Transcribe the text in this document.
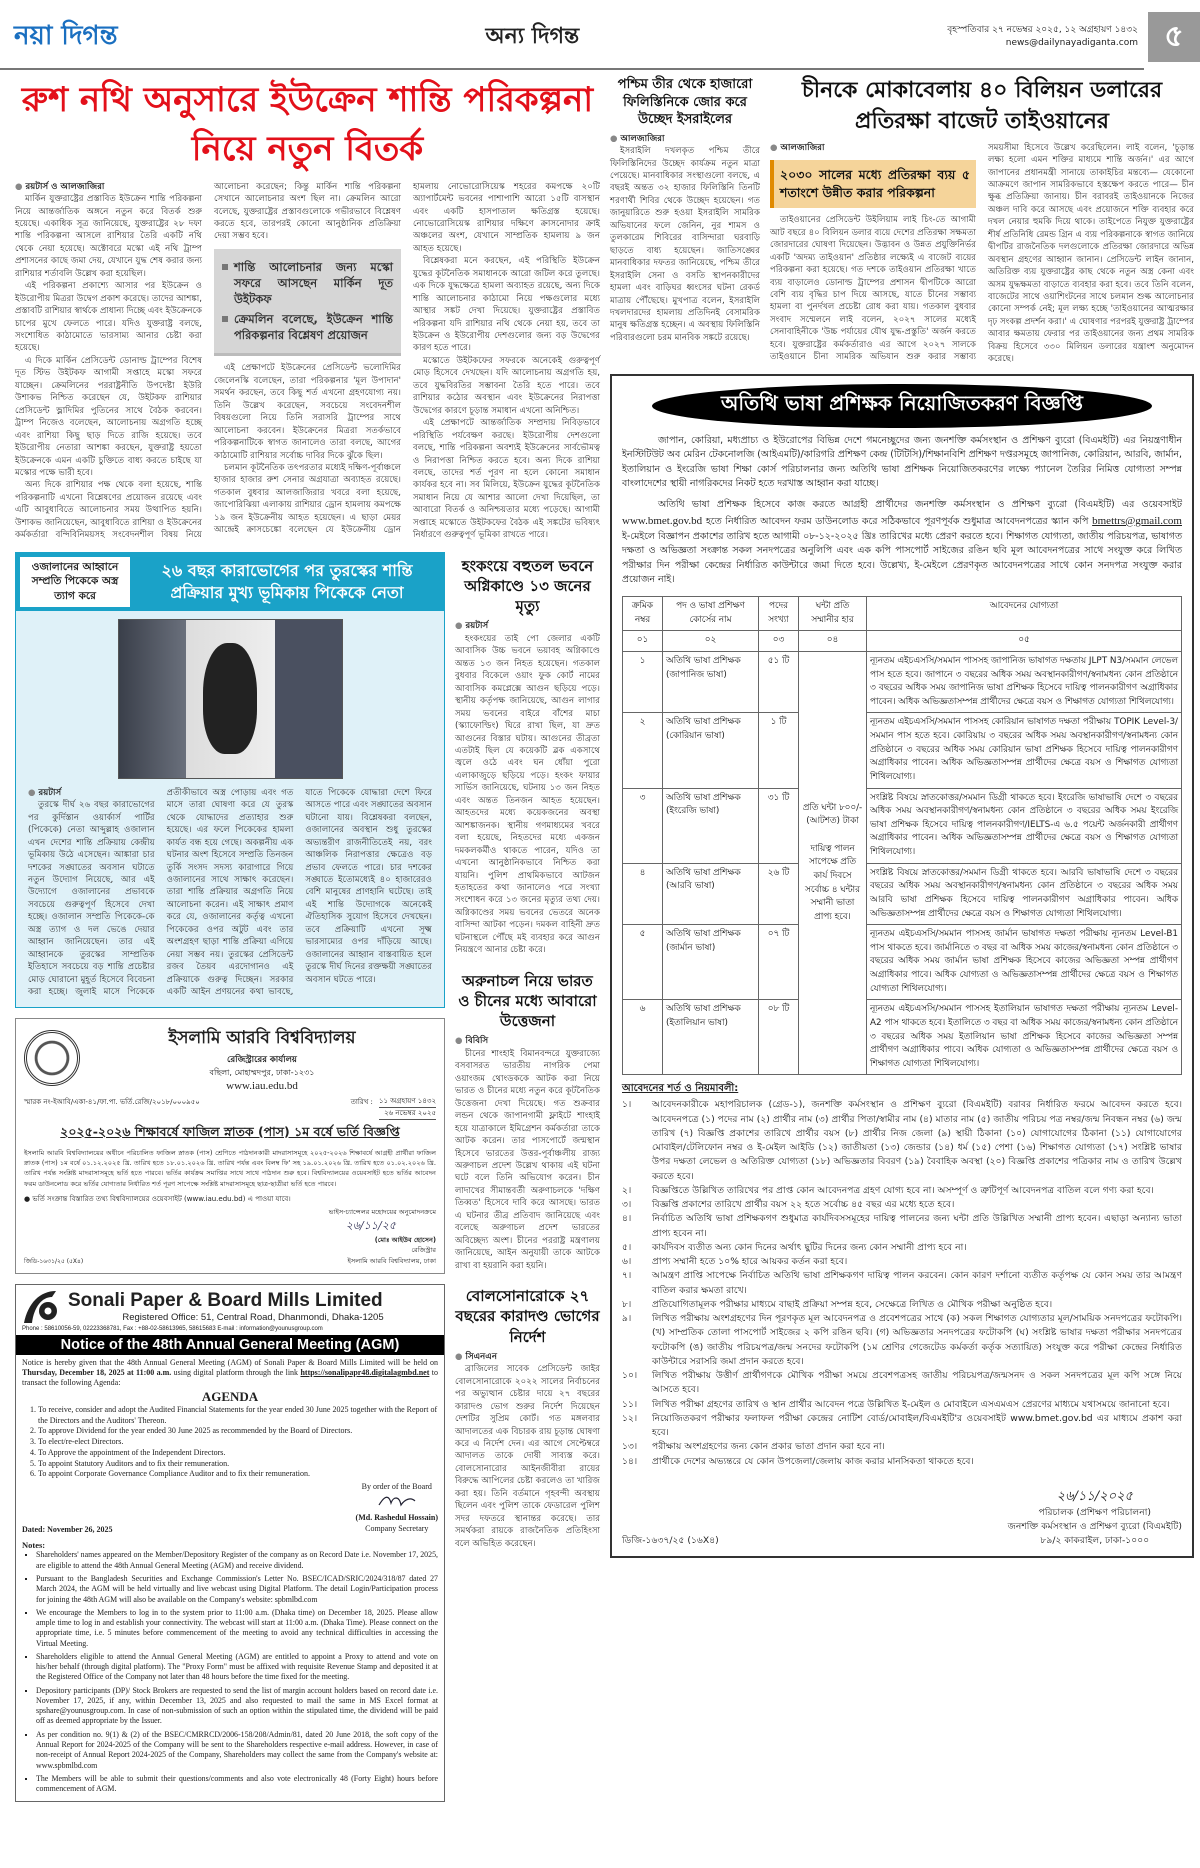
নয়া দিগন্ত	অন্য দিগন্ত	বৃহস্পতিবার ২৭ নভেম্বর ২০২৫, ১২ অগ্রহায়ণ ১৪৩২
news@dailynayadiganta.com ৫
রুশ নথি অনুসারে ইউক্রেন শান্তি পরিকল্পনা নিয়ে নতুন বিতর্ক
● রয়টার্স ও আলজাজিরা

মার্কিন যুক্তরাষ্ট্রের প্রস্তাবিত ইউক্রেন শান্তি পরিকল্পনা নিয়ে আন্তর্জাতিক অঙ্গনে নতুন করে বিতর্ক শুরু হয়েছে। একাধিক সূত্র জানিয়েছে, যুক্তরাষ্ট্রের ২৮ দফা শান্তি পরিকল্পনা আসলে রাশিয়ার তৈরি একটি নথি থেকে নেয়া হয়েছে। অক্টোবরে মস্কো এই নথি ট্রাম্প প্রশাসনের কাছে জমা দেয়, যেখানে যুদ্ধ শেষ করার জন্য রাশিয়ার শর্তাবলি উল্লেখ করা হয়েছিল।

এই পরিকল্পনা প্রকাশ্যে আসার পর ইউক্রেন ও ইউরোপীয় মিত্ররা উদ্বেগ প্রকাশ করেছে। তাদের আশঙ্কা, প্রস্তাবটি রাশিয়ার স্বার্থকে প্রাধান্য দিচ্ছে এবং ইউক্রেনকে চাপের মুখে ফেলতে পারে। যদিও যুক্তরাষ্ট্র বলছে, সংশোধিত কাঠামোতে ভারসাম্য আনার চেষ্টা করা হয়েছে।

এ দিকে মার্কিন প্রেসিডেন্ট ডোনাল্ড ট্রাম্পের বিশেষ দূত স্টিভ উইটকফ আগামী সপ্তাহে মস্কো সফরে যাচ্ছেন। ক্রেমলিনের পররাষ্ট্রনীতি উপদেষ্টা ইউরি উশাকভ নিশ্চিত করেছেন যে, উইটকফ রাশিয়ার প্রেসিডেন্ট ভ্লাদিমির পুতিনের সাথে বৈঠক করবেন। ট্রাম্প নিজেও বলেছেন, আলোচনায় অগ্রগতি হচ্ছে এবং রাশিয়া কিছু ছাড় দিতে রাজি হয়েছে। তবে ইউরোপীয় নেতারা আশঙ্কা করছেন, যুক্তরাষ্ট্র হয়তো ইউক্রেনকে এমন একটি চুক্তিতে বাধ্য করতে চাইছে যা মস্কোর পক্ষে ভারী হবে।

অন্য দিকে রাশিয়ার পক্ষ থেকে বলা হয়েছে, শান্তি পরিকল্পনাটি এখনো বিশ্লেষণের প্রয়োজন রয়েছে এবং এটি আবুধাবিতে আলোচনার সময় উত্থাপিত হয়নি। উশাকভ জানিয়েছেন, আবুধাবিতে রাশিয়া ও ইউক্রেনের কর্মকর্তারা বন্দিবিনিময়সহ সংবেদনশীল বিষয় নিয়ে আলোচনা করেছেন; কিন্তু মার্কিন শান্তি পরিকল্পনা সেখানে আলোচনার অংশ ছিল না। ক্রেমলিন আরো বলেছে, যুক্তরাষ্ট্রের প্রস্তাবগুলোকে গভীরভাবে বিশ্লেষণ করতে হবে, তারপরই কোনো আনুষ্ঠানিক প্রতিক্রিয়া দেয়া সম্ভব হবে।

শান্তি আলোচনার জন্য মস্কো সফরে আসছেন মার্কিন দূত উইটকফ
ক্রেমলিন বলেছে, ইউক্রেন শান্তি পরিকল্পনার বিশ্লেষণ প্রয়োজন

এই প্রেক্ষাপটে ইউক্রেনের প্রেসিডেন্ট ভলোদিমির জেলেনস্কি বলেছেন, তারা পরিকল্পনার 'মূল উপাদান' সমর্থন করছেন, তবে কিছু শর্ত এখনো গ্রহণযোগ্য নয়। তিনি উল্লেখ করেছেন, সবচেয়ে সংবেদনশীল বিষয়গুলো নিয়ে তিনি সরাসরি ট্রাম্পের সাথে আলোচনা করবেন। ইউক্রেনের মিত্ররা সতর্কভাবে পরিকল্পনাটিকে স্বাগত জানালেও তারা বলছে, আগের কাঠামোটি রাশিয়ার সর্বোচ্চ দাবির দিকে ঝুঁকে ছিল।

চলমান কূটনৈতিক তৎপরতার মধ্যেই দক্ষিণ-পূর্বাঞ্চলে হাজার হাজার রুশ সেনার অগ্রযাত্রা অব্যাহত রয়েছে। গতকাল বুধবার আলজাজিরার খবরে বলা হয়েছে, জাপোরিঝিয়া এলাকায় রাশিয়ার ড্রোন হামলায় কমপক্ষে ১৯ জন ইউক্রেনীয় আহত হয়েছেন। এ ছাড়া মেয়র আন্দ্রেই ক্রাসচেঙ্কো বলেছেন যে ইউক্রেনীয় ড্রোন হামলায় নোভোরোসিয়েস্ক শহরের কমপক্ষে ২০টি অ্যাপার্টমেন্ট ভবনের পাশাপাশি আরো ১৫টি বাসস্থান এবং একটি হাসপাতাল ক্ষতিগ্রস্ত হয়েছে। নোভোরোসিয়েস্ক রাশিয়ার দক্ষিণে ক্রাসনোদার ক্রাই অঞ্চলের অংশ, যেখানে সাম্প্রতিক হামলায় ৯ জন আহত হয়েছে।

বিশ্লেষকরা মনে করছেন, এই পরিস্থিতি ইউক্রেন যুদ্ধের কূটনৈতিক সমাধানকে আরো জটিল করে তুলছে। এক দিকে যুদ্ধক্ষেত্রে হামলা অব্যাহত রয়েছে, অন্য দিকে শান্তি আলোচনার কাঠামো নিয়ে পক্ষগুলোর মধ্যে আস্থার সঙ্কট দেখা দিয়েছে। যুক্তরাষ্ট্রের প্রস্তাবিত পরিকল্পনা যদি রাশিয়ার নথি থেকে নেয়া হয়, তবে তা ইউক্রেন ও ইউরোপীয় দেশগুলোর জন্য বড় উদ্বেগের কারণ হতে পারে।

মস্কোতে উইটকফের সফরকে অনেকেই গুরুত্বপূর্ণ মোড় হিসেবে দেখছেন। যদি আলোচনায় অগ্রগতি হয়, তবে যুদ্ধবিরতির সম্ভাবনা তৈরি হতে পারে। তবে রাশিয়ার কঠোর অবস্থান এবং ইউক্রেনের নিরাপত্তা উদ্বেগের কারণে চূড়ান্ত সমাধান এখনো অনিশ্চিত।

এই প্রেক্ষাপটে আন্তর্জাতিক সম্প্রদায় নিবিড়ভাবে পরিস্থিতি পর্যবেক্ষণ করছে। ইউরোপীয় দেশগুলো বলছে, শান্তি পরিকল্পনা অবশ্যই ইউক্রেনের সার্বভৌমত্ব ও নিরাপত্তা নিশ্চিত করতে হবে। অন্য দিকে রাশিয়া বলছে, তাদের শর্ত পূরণ না হলে কোনো সমাধান কার্যকর হবে না। সব মিলিয়ে, ইউক্রেন যুদ্ধের কূটনৈতিক সমাধান নিয়ে যে আশার আলো দেখা দিয়েছিল, তা আবারো বিতর্ক ও অনিশ্চয়তার মধ্যে পড়েছে। আগামী সপ্তাহে মস্কোতে উইটকফের বৈঠক এই সঙ্কটের ভবিষ্যৎ নির্ধারণে গুরুত্বপূর্ণ ভূমিকা রাখতে পারে।

ওজালানের আহ্বানে সম্প্রতি পিকেকে অস্ত্র ত্যাগ করে
২৬ বছর কারাভোগের পর তুরস্কের শান্তি প্রক্রিয়ার মুখ্য ভূমিকায় পিকেকে নেতা
● রয়টার্স

তুরস্কে দীর্ঘ ২৬ বছর কারাভোগের পর কুর্দিস্তান ওয়ার্কার্স পার্টির (পিকেকে) নেতা আব্দুল্লাহ ওজালান এখন দেশের শান্তি প্রক্রিয়ায় কেন্দ্রীয় ভূমিকায় উঠে এসেছেন। আঙ্কারা চার দশকের সঙ্ঘাতের অবসান ঘটাতে নতুন উদ্যোগ নিয়েছে, আর এই উদ্যোগে ওজালানের প্রভাবকে সবচেয়ে গুরুত্বপূর্ণ হিসেবে দেখা হচ্ছে। ওজালান সম্প্রতি পিকেকে-কে অস্ত্র ত্যাগ ও দল ভেঙে দেয়ার আহ্বান জানিয়েছেন। তার এই আহ্বানকে তুরস্কের সাম্প্রতিক ইতিহাসে সবচেয়ে বড় শান্তি প্রচেষ্টার মোড় ঘোরানো মুহূর্ত হিসেবে বিবেচনা করা হচ্ছে। জুলাই মাসে পিকেকে প্রতীকীভাবে অস্ত্র পোড়ায় এবং গত মাসে তারা ঘোষণা করে যে তুরস্ক থেকে যোদ্ধাদের প্রত্যাহার শুরু হয়েছে। এর ফলে পিকেকের হামলা কার্যত বন্ধ হয়ে গেছে। অকল্পনীয় এক ঘটনার অংশ হিসেবে সম্প্রতি তিনজন তুর্কি সংসদ সদস্য কারাগারে গিয়ে ওজালানের সাথে সাক্ষাৎ করেছেন। তারা শান্তি প্রক্রিয়ার অগ্রগতি নিয়ে আলোচনা করেন। এই সাক্ষাৎ প্রমাণ করে যে, ওজালানের কর্তৃত্ব এখনো পিকেকের ওপর অটুট এবং তার অংশগ্রহণ ছাড়া শান্তি প্রক্রিয়া এগিয়ে নেয়া সম্ভব নয়। তুরস্কের প্রেসিডেন্ট রজব তৈয়ব এরদোগানও এই প্রক্রিয়াকে গুরুত্ব দিচ্ছেন। সরকার একটি আইন প্রণয়নের কথা ভাবছে, যাতে পিকেকে যোদ্ধারা দেশে ফিরে আসতে পারে এবং সঙ্ঘাতের অবসান ঘটানো যায়। বিশ্লেষকরা বলছেন, ওজালানের অবস্থান শুধু তুরস্কের অভ্যন্তরীণ রাজনীতিতেই নয়, বরং আঞ্চলিক নিরাপত্তার ক্ষেত্রেও বড় প্রভাব ফেলতে পারে। চার দশকের সঙ্ঘাতে ইতোমধ্যেই ৪০ হাজারেরও বেশি মানুষের প্রাণহানি ঘটেছে। তাই এই শান্তি উদ্যোগকে অনেকেই ঐতিহাসিক সুযোগ হিসেবে দেখছেন। তবে প্রক্রিয়াটি এখনো সূক্ষ্ম ভারসাম্যের ওপর দাঁড়িয়ে আছে। ওজালানের আহ্বান বাস্তবায়িত হলে তুরস্কে দীর্ঘ দিনের রক্তক্ষয়ী সঙ্ঘাতের অবসান ঘটতে পারে।

ইসলামি আরবি বিশ্ববিদ্যালয়
রেজিস্ট্রারের কার্যালয়
বছিলা, মোহাম্মদপুর, ঢাকা-১২৩১
www.iau.edu.bd
স্মারক নং-ইআবি/একা-৪১/ফা.পা. ভর্তি.রেজি/২০১৮/০০০৯৫০	তারিখ : ১১ অগ্রহায়ণ ১৪৩২
২৬ নভেম্বর ২০২৫
২০২৫-২০২৬ শিক্ষাবর্ষে ফাজিল স্নাতক (পাস) ১ম বর্ষে ভর্তি বিজ্ঞপ্তি
ইসলামি আরবি বিশ্ববিদ্যালয়ের অধীনে পরিচালিত ফাজিল স্নাতক (পাস) শ্রেণিতে পাঠদানকারী মাদরাসাসমূহে ২০২৫-২০২৬ শিক্ষাবর্ষে আগ্রহী প্রার্থীরা ফাজিল স্নাতক (পাস) ১ম বর্ষে ০১.১২.২০২৫ খ্রি. তারিখ হতে ১৮.০১.২০২৬ খ্রি. তারিখ পর্যন্ত এবং বিলম্ব ফি' সহ ১৯.০১.২০২৬ খ্রি. তারিখ হতে ০১.০২.২০২৬ খ্রি. তারিখ পর্যন্ত সংশ্লিষ্ট মাদরাসাসমূহে ভর্তি হতে পারবে। ভর্তির কার্যক্রম সমাপ্তির সাথে সাথে পাঠদান শুরু হবে। বিশ্ববিদ্যালয়ের ওয়েবসাইট হতে ভর্তির আবেদন ফরম ডাউনলোড করে ভর্তির যোগ্যতার নির্ধারিত শর্ত পূরণ সাপেক্ষে সংশ্লিষ্ট মাদরাসাসমূহে ছাত্র-ছাত্রীরা ভর্তি হতে পারবে।
● ভর্তি সংক্রান্ত বিস্তারিত তথ্য বিশ্ববিদ্যালয়ের ওয়েবসাইট (www.iau.edu.bd) এ পাওয়া যাবে।
জিডি-১৬৩১/২৫ (৫X৪)
ভাইস-চ্যান্সেলর মহোদয়ের অনুমোদনক্রমে
২৬/১১/২৫
(মোঃ আইউব হোসেন)
রেজিস্ট্রার
ইসলামি আরবি বিশ্ববিদ্যালয়, ঢাকা
Sonali Paper & Board Mills Limited
Registered Office: 51, Central Road, Dhanmondi, Dhaka-1205
Phone : 58610056-59, 02223368781, Fax : +88-02-58613965, 58615683 E-mail : information@younusgroup.com
Notice of the 48th Annual General Meeting (AGM)
Notice is hereby given that the 48th Annual General Meeting (AGM) of Sonali Paper & Board Mills Limited will be held on Thursday, December 18, 2025 at 11:00 a.m. using digital platform through the link https://sonalipapr48.digitalagmbd.net to transact the following Agenda:
AGENDA
1. To receive, consider and adopt the Audited Financial Statements for the year ended 30 June 2025 together with the Report of the Directors and the Auditors' Thereon.
2. To approve Dividend for the year ended 30 June 2025 as recommended by the Board of Directors.
3. To elect/re-elect Directors.
4. To Approve the appointment of the Independent Directors.
5. To appoint Statutory Auditors and to fix their remuneration.
6. To appoint Corporate Governance Compliance Auditor and to fix their remuneration.
Dated: November 26, 2025
By order of the Board
(Md. Rashedul Hossain)
Company Secretary
Notes:
▪ Shareholders' names appeared on the Member/Depository Register of the company as on Record Date i.e. November 17, 2025, are eligible to attend the 48th Annual General Meeting (AGM) and receive dividend.
▪ Pursuant to the Bangladesh Securities and Exchange Commission's Letter No. BSEC/ICAD/SRIC/2024/318/87 dated 27 March 2024, the AGM will be held virtually and live webcast using Digital Platform. The detail Login/Participation process for joining the 48th AGM will also be available on the Company's website: spbmlbd.com
▪ We encourage the Members to log in to the system prior to 11:00 a.m. (Dhaka time) on December 18, 2025. Please allow ample time to log in and establish your connectivity. The webcast will start at 11:00 a.m. (Dhaka Time). Please connect on the appropriate time, i.e. 5 minutes before commencement of the meeting to avoid any technical difficulties in accessing the Virtual Meeting.
▪ Shareholders eligible to attend the Annual General Meeting (AGM) are entitled to appoint a Proxy to attend and vote on his/her behalf (through digital platform). The "Proxy Form" must be affixed with requisite Revenue Stamp and deposited it at the Registered Office of the Company not later than 48 hours before the time fixed for the meeting.
▪ Depository participants (DP)/ Stock Brokers are requested to send the list of margin account holders based on record date i.e. November 17, 2025, if any, within December 13, 2025 and also requested to mail the same in MS Excel format at spshare@younusgroup.com. In case of non-submission of such an option within the stipulated time, the dividend will be paid off as deemed appropriate by the Issuer.
▪ As per condition no. 9(1) & (2) of the BSEC/CMRRCD/2006-158/208/Admin/81, dated 20 June 2018, the soft copy of the Annual Report for 2024-2025 of the Company will be sent to the Shareholders respective e-mail address. However, in case of non-receipt of Annual Report 2024-2025 of the Company, Shareholders may collect the same from the Company's website at: www.spbmlbd.com
▪ The Members will be able to submit their questions/comments and also vote electronically 48 (Forty Eight) hours before commencement of AGM.
হংকংয়ে বহুতল ভবনে অগ্নিকাণ্ডে ১৩ জনের মৃত্যু
● রয়টার্স

হংকংয়ের তাই পো জেলার একটি আবাসিক উচ্চ ভবনে ভয়াবহ অগ্নিকাণ্ডে অন্তত ১৩ জন নিহত হয়েছেন। গতকাল বুধবার বিকেলে ওয়াং ফুক কোর্ট নামের আবাসিক কমপ্লেক্সে আগুন ছড়িয়ে পড়ে। স্থানীয় কর্তৃপক্ষ জানিয়েছে, আগুন লাগার সময় ভবনের বাইরে বাঁশের মাচা (স্ক্যাফোল্ডিং) ঘিরে রাখা ছিল, যা দ্রুত আগুনের বিস্তার ঘটায়। আগুনের তীব্রতা এতটাই ছিল যে কয়েকটি ব্লক একসাথে জ্বলে ওঠে এবং ঘন ধোঁয়া পুরো এলাকাজুড়ে ছড়িয়ে পড়ে। হংকং ফায়ার সার্ভিস জানিয়েছে, ঘটনায় ১৩ জন নিহত এবং অন্তত তিনজন আহত হয়েছেন। আহতদের মধ্যে কয়েকজনের অবস্থা আশঙ্কাজনক। স্থানীয় গণমাধ্যমের খবরে বলা হয়েছে, নিহতদের মধ্যে একজন দমকলকর্মীও থাকতে পারেন, যদিও তা এখনো আনুষ্ঠানিকভাবে নিশ্চিত করা যায়নি। পুলিশ প্রাথমিকভাবে আটজন হতাহতের কথা জানালেও পরে সংখ্যা সংশোধন করে ১৩ জনের মৃত্যুর তথ্য দেয়। অগ্নিকাণ্ডের সময় ভবনের ভেতরে অনেক বাসিন্দা আটকা পড়েন। দমকল বাহিনী দ্রুত ঘটনাস্থলে পৌঁছে মই ব্যবহার করে আগুন নিয়ন্ত্রণে আনার চেষ্টা করে।

অরুনাচল নিয়ে ভারত ও চীনের মধ্যে আবারো উত্তেজনা
● বিবিসি

চীনের শাংহাই বিমানবন্দরে যুক্তরাজ্যে বসবাসরত ভারতীয় নাগরিক পেমা ওয়াংজম থোংডককে আটক করা নিয়ে ভারত ও চীনের মধ্যে নতুন করে কূটনৈতিক উত্তেজনা দেখা দিয়েছে। গত শুক্রবার লন্ডন থেকে জাপানগামী ফ্লাইটে শাংহাই হয়ে যাত্রাকালে ইমিগ্রেশন কর্মকর্তারা তাকে আটক করেন। তার পাসপোর্টে জন্মস্থান হিসেবে ভারতের উত্তর-পূর্বাঞ্চলীয় রাজ্য অরুণাচল প্রদেশ উল্লেখ থাকায় এই ঘটনা ঘটে বলে তিনি অভিযোগ করেন। চীন লাদাখের সীমান্তবর্তী অরুণাচলকে 'দক্ষিণ তিব্বত' হিসেবে দাবি করে আসছে। ভারত এ ঘটনার তীব্র প্রতিবাদ জানিয়েছে এবং বলেছে অরুণাচল প্রদেশ ভারতের অবিচ্ছেদ্য অংশ। চীনের পররাষ্ট্র মন্ত্রণালয় জানিয়েছে, আইন অনুযায়ী তাকে আটকে রাখা বা হয়রানি করা হয়নি।

বোলসোনারোকে ২৭ বছরের কারাদণ্ড ভোগের নির্দেশ
● সিএনএন

ব্রাজিলের সাবেক প্রেসিডেন্ট জাইর বোলসোনারোকে ২০২২ সালের নির্বাচনের পর অভ্যুত্থান চেষ্টার দায়ে ২৭ বছরের কারাদণ্ড ভোগ শুরুর নির্দেশ দিয়েছেন দেশটির সুপ্রিম কোর্ট। গত মঙ্গলবার আদালতের এক বিচারক রায় চূড়ান্ত ঘোষণা করে এ নির্দেশ দেন। এর আগে সেপ্টেম্বরে আদালত তাকে দোষী সাব্যস্ত করে। বোলসোনারোর আইনজীবীরা রায়ের বিরুদ্ধে আপিলের চেষ্টা করলেও তা খারিজ করা হয়। তিনি বর্তমানে গৃহবন্দী অবস্থায় ছিলেন এবং পুলিশ তাকে ফেডারেল পুলিশ সদর দফতরে স্থানান্তর করেছে। তার সমর্থকরা রায়কে রাজনৈতিক প্রতিহিংসা বলে অভিহিত করেছেন।

পশ্চিম তীর থেকে হাজারো ফিলিস্তিনিকে জোর করে উচ্ছেদ ইসরাইলের
● আলজাজিরা

ইসরাইলি দখলকৃত পশ্চিম তীরে ফিলিস্তিনিদের উচ্ছেদ কার্যক্রম নতুন মাত্রা পেয়েছে। মানবাধিকার সংস্থাগুলো বলছে, এ বছরই অন্তত ৩২ হাজার ফিলিস্তিনি তিনটি শরণার্থী শিবির থেকে উচ্ছেদ হয়েছেন। গত জানুয়ারিতে শুরু হওয়া ইসরাইলি সামরিক অভিযানের ফলে জেনিন, নুর শামস ও তুলকারেম শিবিরের বাসিন্দারা ঘরবাড়ি ছাড়তে বাধ্য হয়েছেন। জাতিসঙ্ঘের মানবাধিকার দফতর জানিয়েছে, পশ্চিম তীরে ইসরাইলি সেনা ও বসতি স্থাপনকারীদের হামলা এবং বাড়িঘর ধ্বংসের ঘটনা রেকর্ড মাত্রায় পৌঁছেছে। মুখপাত্র বলেন, ইসরাইলি দখলদারদের হামলায় প্রতিদিনই বেসামরিক মানুষ ক্ষতিগ্রস্ত হচ্ছেন। এ অবস্থায় ফিলিস্তিনি পরিবারগুলো চরম মানবিক সঙ্কটে রয়েছে।

চীনকে মোকাবেলায় ৪০ বিলিয়ন ডলারের প্রতিরক্ষা বাজেট তাইওয়ানের
● আলজাজিরা
২০৩০ সালের মধ্যে প্রতিরক্ষা ব্যয় ৫ শতাংশে উন্নীত করার পরিকল্পনা

তাইওয়ানের প্রেসিডেন্ট উইলিয়াম লাই চিং-তে আগামী আট বছরে ৪০ বিলিয়ন ডলার ব্যয়ে দেশের প্রতিরক্ষা সক্ষমতা জোরদারের ঘোষণা দিয়েছেন। উদ্ভাবন ও উন্নত প্রযুক্তিনির্ভর একটি 'অদম্য তাইওয়ান' প্রতিষ্ঠার লক্ষ্যেই এ বাজেট ব্যয়ের পরিকল্পনা করা হয়েছে। গত দশকে তাইওয়ান প্রতিরক্ষা খাতে ব্যয় বাড়ালেও ডোনাল্ড ট্রাম্পের প্রশাসন দ্বীপটিকে আরো বেশি ব্যয় বৃদ্ধির চাপ দিয়ে আসছে, যাতে চীনের সম্ভাব্য হামলা বা পুনর্দখল প্রচেষ্টা রোধ করা যায়। গতকাল বুধবার সংবাদ সম্মেলনে লাই বলেন, ২০২৭ সালের মধ্যেই সেনাবাহিনীকে 'উচ্চ পর্যায়ের যৌথ যুদ্ধ-প্রস্তুতি' অর্জন করতে হবে। যুক্তরাষ্ট্রের কর্মকর্তারাও এর আগে ২০২৭ সালকে তাইওয়ানে চীনা সামরিক অভিযান শুরু করার সম্ভাব্য সময়সীমা হিসেবে উল্লেখ করেছিলেন। লাই বলেন, 'চূড়ান্ত লক্ষ্য হলো এমন শক্তির মাধ্যমে শান্তি অর্জন।' এর আগে জাপানের প্রধানমন্ত্রী সানায়ে তাকাইচির মন্তব্যে— যেকোনো আক্রমণে জাপান সামরিকভাবে হস্তক্ষেপ করতে পারে— চীন ক্ষুব্ধ প্রতিক্রিয়া জানায়। চীন বরাবরই তাইওয়ানকে নিজের অঞ্চল দাবি করে আসছে এবং প্রয়োজনে শক্তি ব্যবহার করে দখল নেয়ার হুমকি দিয়ে থাকে। তাইপেতে নিযুক্ত যুক্তরাষ্ট্রের শীর্ষ প্রতিনিধি রেমন্ড গ্রিন এ ব্যয় পরিকল্পনাকে স্বাগত জানিয়ে দ্বীপটির রাজনৈতিক দলগুলোকে প্রতিরক্ষা জোরদারে অভিন্ন অবস্থান গ্রহণের আহ্বান জানান। প্রেসিডেন্ট লাইন জানান, অতিরিক্ত ব্যয় যুক্তরাষ্ট্রের কাছ থেকে নতুন অস্ত্র কেনা এবং অসম যুদ্ধক্ষমতা বাড়াতে ব্যবহার করা হবে। তবে তিনি বলেন, বাজেটের সাথে ওয়াশিংটনের সাথে চলমান শুল্ক আলোচনার কোনো সম্পর্ক নেই; মূল লক্ষ্য হচ্ছে 'তাইওয়ানের আত্মরক্ষার দৃঢ় সংকল্প প্রদর্শন করা।' এ ঘোষণার পরপরই যুক্তরাষ্ট্র ট্রাম্পের আবার ক্ষমতায় ফেরার পর তাইওয়ানের জন্য প্রথম সামরিক বিক্রয় হিসেবে ৩৩০ মিলিয়ন ডলারের যন্ত্রাংশ অনুমোদন করেছে।

অতিথি ভাষা প্রশিক্ষক নিয়োজিতকরণ বিজ্ঞপ্তি
জাপান, কোরিয়া, মধ্যপ্রাচ্য ও ইউরোপের বিভিন্ন দেশে গমনেচ্ছুদের জন্য জনশক্তি কর্মসংস্থান ও প্রশিক্ষণ ব্যুরো (বিএমইটি) এর নিয়ন্ত্রণাধীন ইনস্টিটিউট অব মেরিন টেকনোলজি (আইএমটি)/কারিগরি প্রশিক্ষণ কেন্দ্র (টিটিসি)/শিক্ষানবিশি প্রশিক্ষণ দপ্তরসমূহে জাপানিজ, কোরিয়ান, আরবি, জার্মান, ইতালিয়ান ও ইংরেজি ভাষা শিক্ষা কোর্স পরিচালনার জন্য অতিথি ভাষা প্রশিক্ষক নিয়োজিতকরণের লক্ষ্যে প্যানেল তৈরির নিমিত্ত যোগ্যতা সম্পন্ন বাংলাদেশের স্থায়ী নাগরিকদের নিকট হতে দরখাস্ত আহ্বান করা যাচ্ছে।
অতিথি ভাষা প্রশিক্ষক হিসেবে কাজ করতে আগ্রহী প্রার্থীদের জনশক্তি কর্মসংস্থান ও প্রশিক্ষণ ব্যুরো (বিএমইটি) এর ওয়েবসাইট www.bmet.gov.bd হতে নির্ধারিত আবেদন ফরম ডাউনলোড করে সঠিকভাবে পূরণপূর্বক শুধুমাত্র আবেদনপত্রের স্ক্যান কপি bmettrs@gmail.com ই-মেইলে বিজ্ঞাপন প্রকাশের তারিখ হতে আগামী ০৮-১২-২০২৫ খ্রিঃ তারিখের মধ্যে প্রেরণ করতে হবে। শিক্ষাগত যোগ্যতা, জাতীয় পরিচয়পত্র, ভাষাগত দক্ষতা ও অভিজ্ঞতা সংক্রান্ত সকল সনদপত্রের অনুলিপি এবং এক কপি পাসপোর্ট সাইজের রঙিন ছবি মূল আবেদনপত্রের সাথে সংযুক্ত করে লিখিত পরীক্ষার দিন পরীক্ষা কেন্দ্রের নির্ধারিত কাউন্টারে জমা দিতে হবে। উল্লেখ্য, ই-মেইলে প্রেরণকৃত আবেদনপত্রের সাথে কোন সনদপত্র সংযুক্ত করার প্রয়োজন নাই।
ক্রমিক নম্বর	পদ ও ভাষা প্রশিক্ষণ কোর্সের নাম	পদের সংখ্যা	ঘন্টা প্রতি সম্মানীর হার	আবেদনের যোগ্যতা
০১	০২	০৩	০৪	০৫
১	অতিথি ভাষা প্রশিক্ষক (জাপানিজ ভাষা)	৫১ টি	প্রতি ঘন্টা ৮০০/- (আটশত) টাকা

দায়িত্ব পালন সাপেক্ষে প্রতি কার্য দিবসে সর্বোচ্চ ৪ ঘন্টার সম্মানী ভাতা প্রাপ্য হবে।	ন্যূনতম এইচএসসি/সমমান পাসসহ জাপানিজ ভাষাগত দক্ষতায় JLPT N3/সমমান লেভেল পাস হতে হবে। জাপানে ৩ বছরের অধিক সময় অবস্থানকারীগণ/স্বনামধন্য কোন প্রতিষ্ঠানে ৩ বছরের অধিক সময় জাপানিজ ভাষা প্রশিক্ষক হিসেবে দায়িত্ব পালনকারীগণ অগ্রাধিকার পাবেন। অধিক অভিজ্ঞতাসম্পন্ন প্রার্থীদের ক্ষেত্রে বয়স ও শিক্ষাগত যোগ্যতা শিথিলযোগ্য।
২	অতিথি ভাষা প্রশিক্ষক (কোরিয়ান ভাষা)	১ টি		ন্যূনতম এইচএসসি/সমমান পাসসহ কোরিয়ান ভাষাগত দক্ষতা পরীক্ষায় TOPIK Level-3/ সমমান পাস হতে হবে। কোরিয়ায় ৩ বছরের অধিক সময় অবস্থানকারীগণ/স্বনামধন্য কোন প্রতিষ্ঠানে ৩ বছরের অধিক সময় কোরিয়ান ভাষা প্রশিক্ষক হিসেবে দায়িত্ব পালনকারীগণ অগ্রাধিকার পাবেন। অধিক অভিজ্ঞতাসম্পন্ন প্রার্থীদের ক্ষেত্রে বয়স ও শিক্ষাগত যোগ্যতা শিথিলযোগ্য।
৩	অতিথি ভাষা প্রশিক্ষক (ইংরেজি ভাষা)	৩১ টি		সংশ্লিষ্ট বিষয়ে স্নাতকোত্তর/সমমান ডিগ্রী থাকতে হবে। ইংরেজি ভাষাভাষি দেশে ৩ বছরের অধিক সময় অবস্থানকারীগণ/স্বনামধন্য কোন প্রতিষ্ঠানে ৩ বছরের অধিক সময় ইংরেজি ভাষা প্রশিক্ষক হিসেবে দায়িত্ব পালনকারীগণ/IELTS-এ ৬.৫ পয়েন্ট অর্জনকারী প্রার্থীগণ অগ্রাধিকার পাবেন। অধিক অভিজ্ঞতাসম্পন্ন প্রার্থীদের ক্ষেত্রে বয়স ও শিক্ষাগত যোগ্যতা শিথিলযোগ্য।
৪	অতিথি ভাষা প্রশিক্ষক (আরবি ভাষা)	২৬ টি		সংশ্লিষ্ট বিষয়ে স্নাতকোত্তর/সমমান ডিগ্রী থাকতে হবে। আরবি ভাষাভাষি দেশে ৩ বছরের বছরের অধিক সময় অবস্থানকারীগণ/স্বনামধন্য কোন প্রতিষ্ঠানে ৩ বছরের অধিক সময় আরবি ভাষা প্রশিক্ষক হিসেবে দায়িত্ব পালনকারীগণ অগ্রাধিকার পাবেন। অধিক অভিজ্ঞতাসম্পন্ন প্রার্থীদের ক্ষেত্রে বয়স ও শিক্ষাগত যোগ্যতা শিথিলযোগ্য।
৫	অতিথি ভাষা প্রশিক্ষক (জার্মান ভাষা)	০৭ টি		ন্যূনতম এইচএসসি/সমমান পাসসহ জার্মান ভাষাগত দক্ষতা পরীক্ষায় ন্যূনতম Level-B1 পাস থাকতে হবে। জার্মানিতে ৩ বছর বা অধিক সময় কাজের/স্বনামধন্য কোন প্রতিষ্ঠানে ৩ বছরের অধিক সময় জার্মান ভাষা প্রশিক্ষক হিসেবে কাজের অভিজ্ঞতা সম্পন্ন প্রার্থীগণ অগ্রাধিকার পাবে। অধিক যোগ্যতা ও অভিজ্ঞতাসম্পন্ন প্রার্থীদের ক্ষেত্রে বয়স ও শিক্ষাগত যোগ্যতা শিথিলযোগ্য।
৬	অতিথি ভাষা প্রশিক্ষক (ইতালিয়ান ভাষা)	০৮ টি		ন্যূনতম এইচএসসি/সমমান পাসসহ ইতালিয়ান ভাষাগত দক্ষতা পরীক্ষায় ন্যূনতম Level-A2 পাস থাকতে হবে। ইতালিতে ৩ বছর বা অধিক সময় কাজের/স্বনামধন্য কোন প্রতিষ্ঠানে ৩ বছরের অধিক সময় ইতালিয়ান ভাষা প্রশিক্ষক হিসেবে কাজের অভিজ্ঞতা সম্পন্ন প্রার্থীগণ অগ্রাধিকার পাবে। অধিক যোগ্যতা ও অভিজ্ঞতাসম্পন্ন প্রার্থীদের ক্ষেত্রে বয়স ও শিক্ষাগত যোগ্যতা শিথিলযোগ্য।
আবেদনের শর্ত ও নিয়মাবলী:
১।	আবেদনকারীকে মহাপরিচালক (গ্রেড-১), জনশক্তি কর্মসংস্থান ও প্রশিক্ষণ ব্যুরো (বিএমইটি) বরাবর নির্ধারিত ফরমে আবেদন করতে হবে। আবেদনপত্রে (১) পদের নাম (২) প্রার্থীর নাম (৩) প্রার্থীর পিতা/স্বামীর নাম (৪) মাতার নাম (৫) জাতীয় পরিচয় পত্র নম্বর/জন্ম নিবন্ধন নম্বর (৬) জন্ম তারিখ (৭) বিজ্ঞপ্তি প্রকাশের তারিখে প্রার্থীর বয়স (৮) প্রার্থীর নিজ জেলা (৯) স্থায়ী ঠিকানা (১০) যোগাযোগের ঠিকানা (১১) যোগাযোগের মোবাইল/টেলিফোন নম্বর ও ই-মেইল আইডি (১২) জাতীয়তা (১৩) জেন্ডার (১৪) ধর্ম (১৫) পেশা (১৬) শিক্ষাগত যোগ্যতা (১৭) সংশ্লিষ্ট ভাষার উপর দক্ষতা লেভেল ও অতিরিক্ত যোগ্যতা (১৮) অভিজ্ঞতার বিবরণ (১৯) বৈবাহিক অবস্থা (২০) বিজ্ঞপ্তি প্রকাশের পত্রিকার নাম ও তারিখ উল্লেখ করতে হবে।
২।	বিজ্ঞপ্তিতে উল্লিখিত তারিখের পর প্রাপ্ত কোন আবেদনপত্র গ্রহণ যোগ্য হবে না। অসম্পূর্ণ ও ত্রুটিপূর্ণ আবেদনপত্র বাতিল বলে গণ্য করা হবে।
৩।	বিজ্ঞপ্তি প্রকাশের তারিখে প্রার্থীর বয়স ২২ হতে সর্বোচ্চ ৪৫ বছর এর মধ্যে হতে হবে।
৪।	নির্বাচিত অতিথি ভাষা প্রশিক্ষকগণ শুধুমাত্র কার্যদিবসসমূহের দায়িত্ব পালনের জন্য ঘন্টা প্রতি উল্লিখিত সম্মানী প্রাপ্য হবেন। এছাড়া অন্যান্য ভাতা প্রাপ্য হবেন না।
৫।	কার্যদিবস ব্যতীত অন্য কোন দিনের অর্থাৎ ছুটির দিনের জন্য কোন সম্মানী প্রাপ্য হবে না।
৬।	প্রাপ্য সম্মানী হতে ১০% হারে আয়কর কর্তন করা হবে।
৭।	আমন্ত্রণ প্রাপ্তি সাপেক্ষে নির্বাচিত অতিথি ভাষা প্রশিক্ষকগণ দায়িত্ব পালন করবেন। কোন কারণ দর্শানো ব্যতীত কর্তৃপক্ষ যে কোন সময় তার আমন্ত্রণ বাতিল করার ক্ষমতা রাখে।
৮।	প্রতিযোগিতামূলক পরীক্ষার মাধ্যমে বাছাই প্রক্রিয়া সম্পন্ন হবে, সেক্ষেত্রে লিখিত ও মৌখিক পরীক্ষা অনুষ্ঠিত হবে।
৯।	লিখিত পরীক্ষায় অংশগ্রহণের দিন পূরণকৃত মূল আবেদনপত্র ও প্রবেশপত্রের সাথে (ক) সকল শিক্ষাগত যোগ্যতার মূল/সাময়িক সনদপত্রের ফটোকপি। (খ) সাম্প্রতিক তোলা পাসপোর্ট সাইজের ২ কপি রঙিন ছবি। (গ) অভিজ্ঞতার সনদপত্রের ফটোকপি (ঘ) সংশ্লিষ্ট ভাষার দক্ষতা পরীক্ষার সনদপত্রের ফটোকপি (ঙ) জাতীয় পরিচয়পত্র/জন্ম সনদের ফটোকপি (১ম শ্রেণির গেজেটেড কর্মকর্তা কর্তৃক সত্যায়িত) সংযুক্ত করে পরীক্ষা কেন্দ্রের নির্ধারিত কাউন্টারে সরাসরি জমা প্রদান করতে হবে।
১০।	লিখিত পরীক্ষায় উত্তীর্ণ প্রার্থীগণকে মৌখিক পরীক্ষা সময়ে প্রবেশপত্রসহ জাতীয় পরিচয়পত্র/জন্মসনদ ও সকল সনদপত্রের মূল কপি সঙ্গে নিয়ে আসতে হবে।
১১।	লিখিত পরীক্ষা গ্রহণের তারিখ ও স্থান প্রার্থীর আবেদন পত্রে উল্লিখিত ই-মেইল ও মোবাইলে এসএমএস প্রেরণের মাধ্যমে যথাসময়ে জানানো হবে।
১২।	নিয়োজিতকরণ পরীক্ষার ফলাফল পরীক্ষা কেন্দ্রের নোটিশ বোর্ড/মোবাইল/বিএমইটি'র ওয়েবসাইট www.bmet.gov.bd এর মাধ্যমে প্রকাশ করা হবে।
১৩।	পরীক্ষায় অংশগ্রহণের জন্য কোন প্রকার ভাতা প্রদান করা হবে না।
১৪।	প্রার্থীকে দেশের অভ্যন্তরে যে কোন উপজেলা/জেলায় কাজ করার মানসিকতা থাকতে হবে।
ডিজি-১৬৩৭/২৫ (১৬X৪)
২৬/১১/২০২৫
পরিচালক (প্রশিক্ষণ পরিচালনা)
জনশক্তি কর্মসংস্থান ও প্রশিক্ষণ ব্যুরো (বিএমইটি)
৮৯/২ কাকরাইল, ঢাকা-১০০০
